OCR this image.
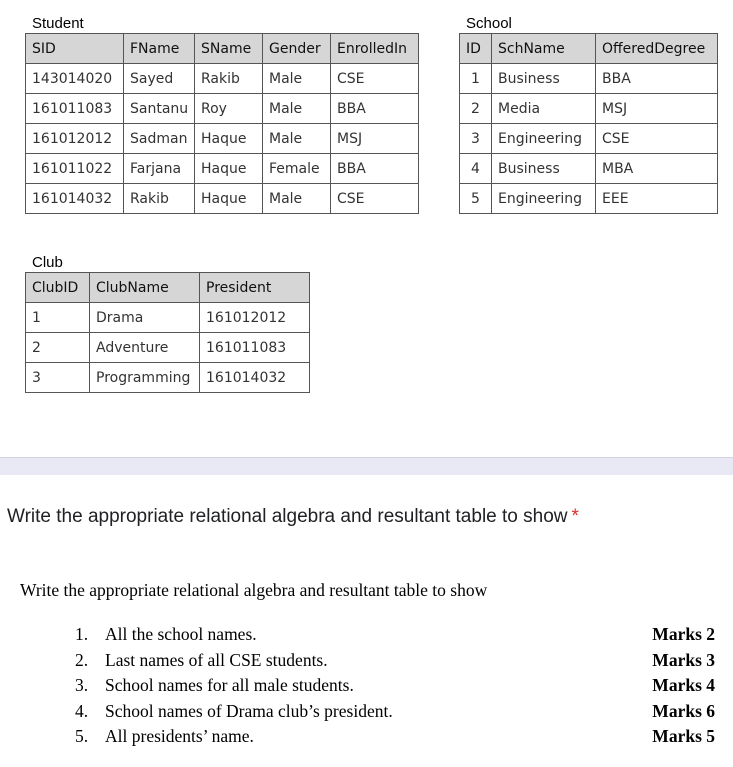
Student
SID	FName	SName	Gender	EnrolledIn
143014020	Sayed	Rakib	Male	CSE
161011083	Santanu	Roy	Male	BBA
161012012	Sadman	Haque	Male	MSJ
161011022	Farjana	Haque	Female	BBA
161014032	Rakib	Haque	Male	CSE
School
ID	SchName	OfferedDegree
1	Business	BBA
2	Media	MSJ
3	Engineering	CSE
4	Business	MBA
5	Engineering	EEE
Club
ClubID	ClubName	President
1	Drama	161012012
2	Adventure	161011083
3	Programming	161014032
Write the appropriate relational algebra and resultant table to show *
Write the appropriate relational algebra and resultant table to show
1. All the school names.	Marks 2
2. Last names of all CSE students.	Marks 3
3. School names for all male students.	Marks 4
4. School names of Drama club’s president.	Marks 6
5. All presidents’ name.	Marks 5
